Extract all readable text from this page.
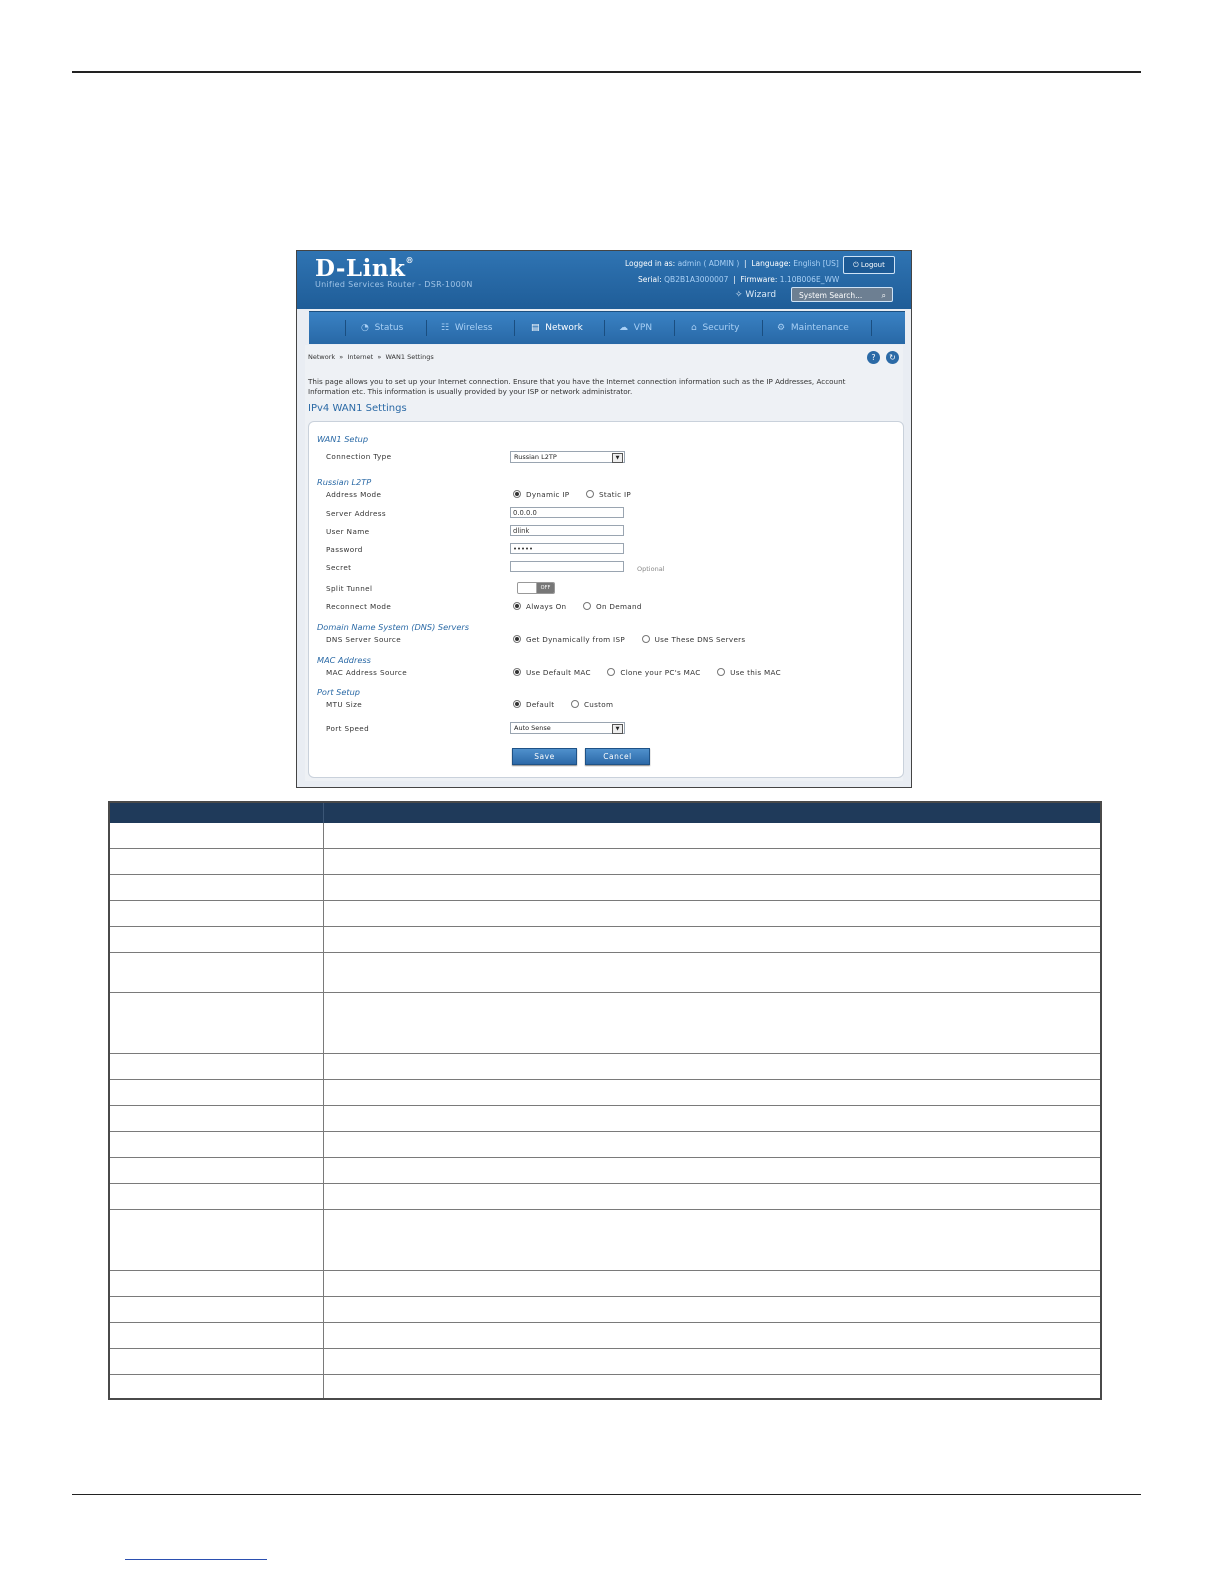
D-Link®
Unified Services Router - DSR-1000N
Logged in as: admin ( ADMIN )  |  Language: English [US]	⏻ Logout
Serial: QB2B1A3000007  |  Firmware: 1.10B006E_WW
✧ Wizard	System Search... ⌕
◔ Status	☷ Wireless	▤ Network	☁ VPN	⌂ Security	⚙ Maintenance
Network » Internet » WAN1 Settings	?	↻
This page allows you to set up your Internet connection. Ensure that you have the Internet connection information such as the IP Addresses, Account Information etc. This information is usually provided by your ISP or network administrator.
IPv4 WAN1 Settings
WAN1 Setup
Connection Type	Russian L2TP	▼
Russian L2TP
Address Mode	Dynamic IP	Static IP
Server Address	0.0.0.0
User Name	dlink
Password	•••••
Secret	Optional
Split Tunnel	OFF
Reconnect Mode	Always On	On Demand
Domain Name System (DNS) Servers
DNS Server Source	Get Dynamically from ISP	Use These DNS Servers
MAC Address
MAC Address Source	Use Default MAC	Clone your PC's MAC	Use this MAC
Port Setup
MTU Size	Default	Custom
Port Speed	Auto Sense	▼
Save	Cancel
